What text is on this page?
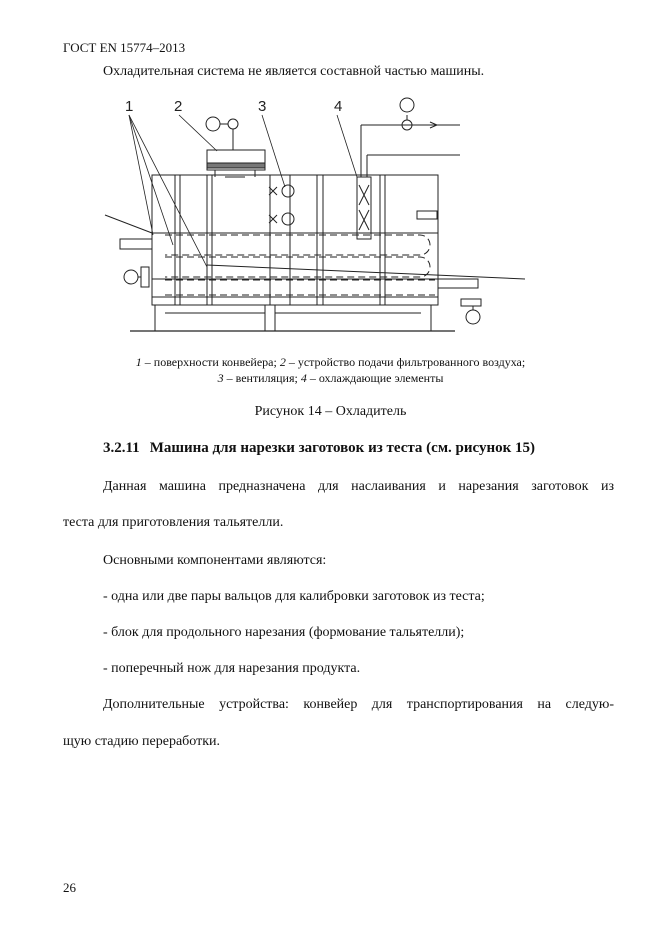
ГОСТ EN 15774–2013
Охладительная система не является составной частью машины.
1	2	3	4
1 – поверхности конвейера; 2 – устройство подачи фильтрованного воздуха;
3 – вентиляция; 4 – охлаждающие элементы
Рисунок 14 – Охладитель
3.2.11 Машина для нарезки заготовок из теста (см. рисунок 15)
Данная машина предназначена для наслаивания и нарезания заготовок из
теста для приготовления тальятелли.
Основными компонентами являются:
- одна или две пары вальцов для калибровки заготовок из теста;
- блок для продольного нарезания (формование тальятелли);
- поперечный нож для нарезания продукта.
Дополнительные устройства: конвейер для транспортирования на следую-
щую стадию переработки.
26
